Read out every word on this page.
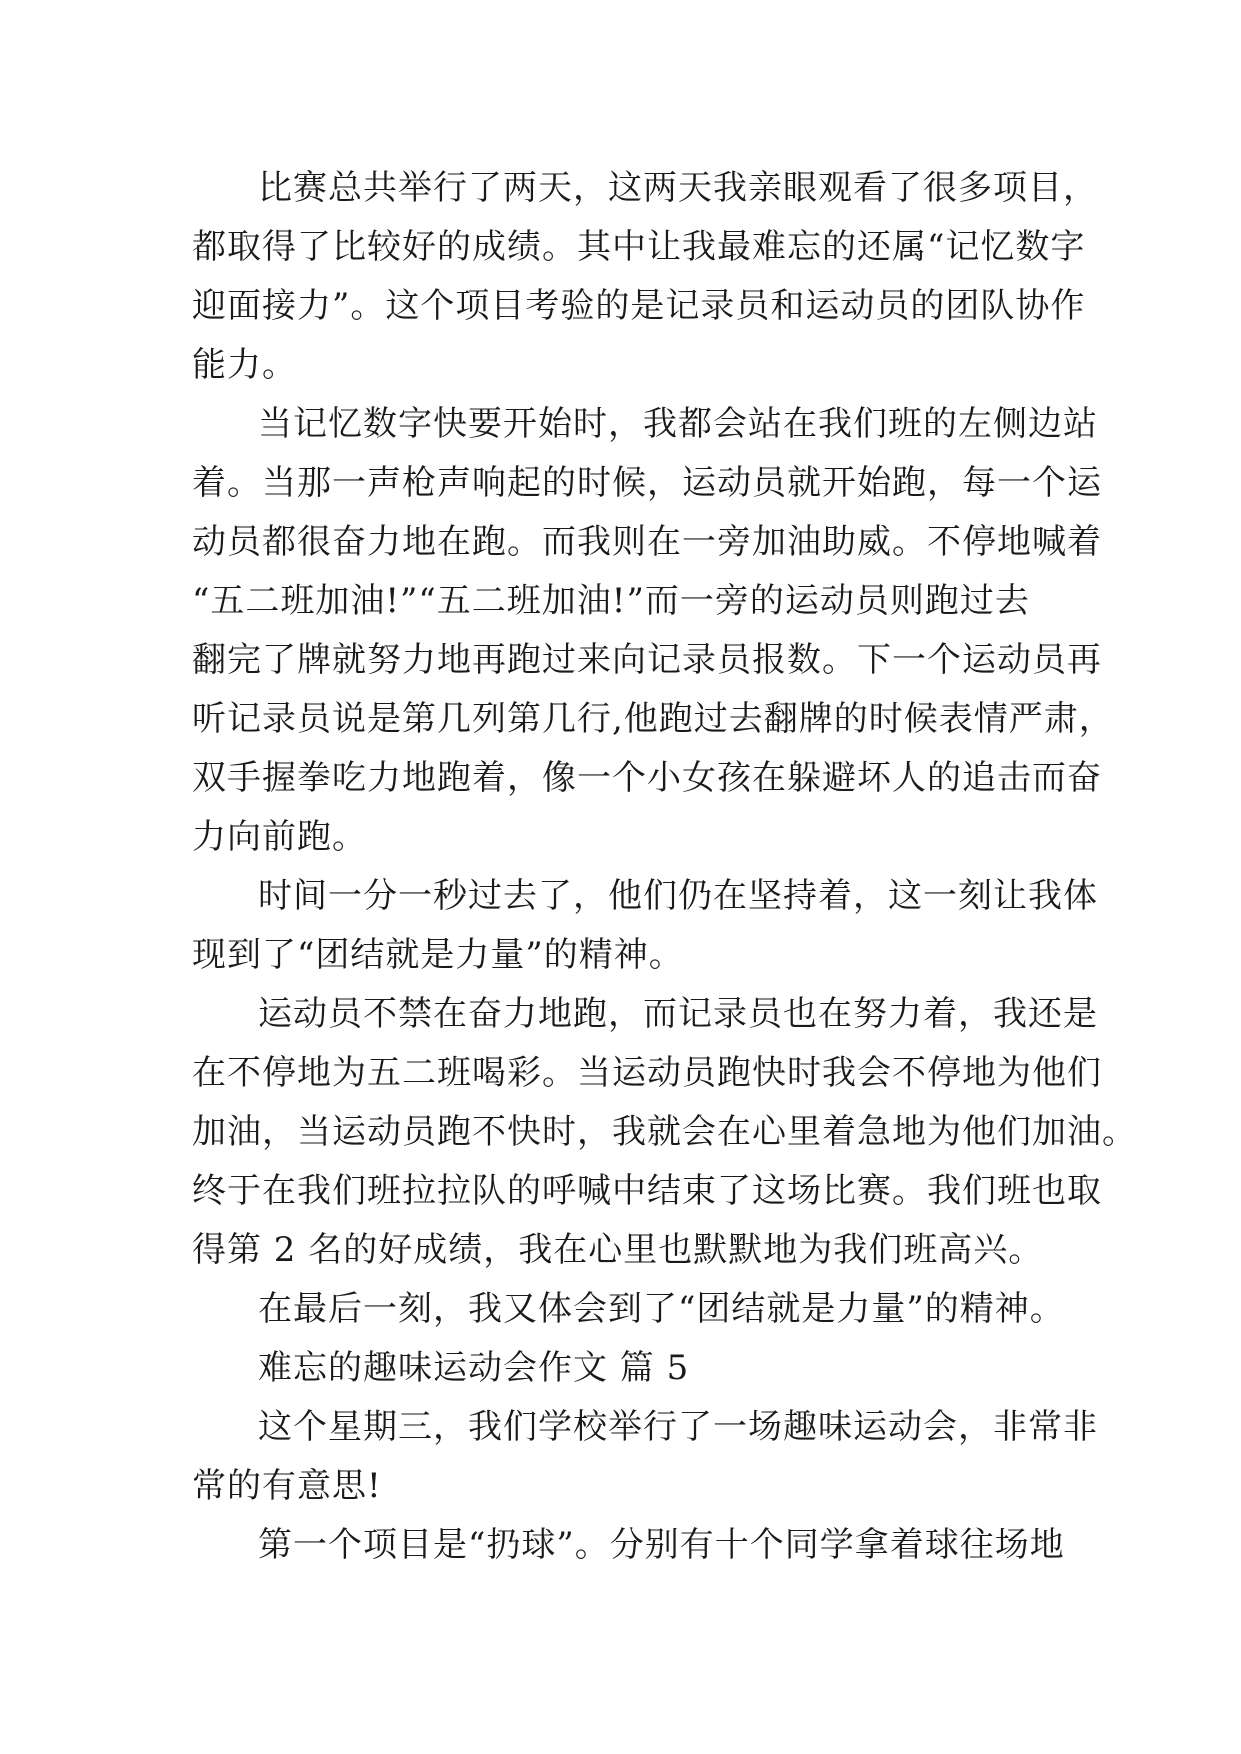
比赛总共举行了两天，这两天我亲眼观看了很多项目，
都取得了比较好的成绩。其中让我最难忘的还属“记忆数字
迎面接力”。这个项目考验的是记录员和运动员的团队协作
能力。
当记忆数字快要开始时，我都会站在我们班的左侧边站
着。当那一声枪声响起的时候，运动员就开始跑，每一个运
动员都很奋力地在跑。而我则在一旁加油助威。不停地喊着
“五二班加油!”“五二班加油!”而一旁的运动员则跑过去
翻完了牌就努力地再跑过来向记录员报数。下一个运动员再
听记录员说是第几列第几行,他跑过去翻牌的时候表情严肃，
双手握拳吃力地跑着，像一个小女孩在躲避坏人的追击而奋
力向前跑。
时间一分一秒过去了，他们仍在坚持着，这一刻让我体
现到了“团结就是力量”的精神。
运动员不禁在奋力地跑，而记录员也在努力着，我还是
在不停地为五二班喝彩。当运动员跑快时我会不停地为他们
加油，当运动员跑不快时，我就会在心里着急地为他们加油。
终于在我们班拉拉队的呼喊中结束了这场比赛。我们班也取
得第 2 名的好成绩，我在心里也默默地为我们班高兴。
在最后一刻，我又体会到了“团结就是力量”的精神。
难忘的趣味运动会作文 篇 5
这个星期三，我们学校举行了一场趣味运动会，非常非
常的有意思!
第一个项目是“扔球”。分别有十个同学拿着球往场地
